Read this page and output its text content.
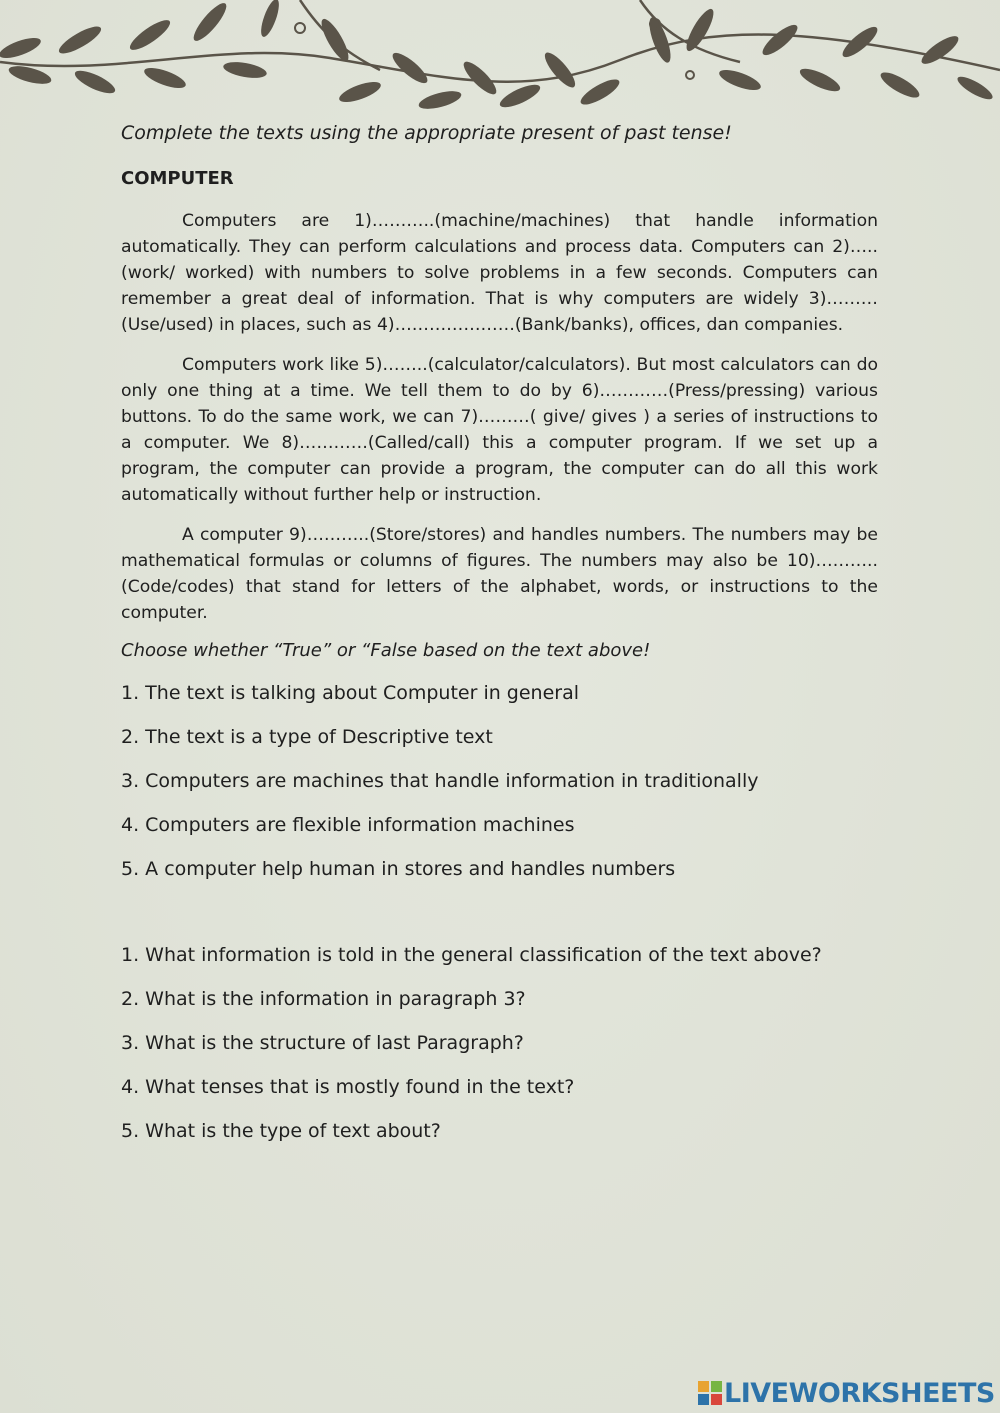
Complete the texts using the appropriate present of past tense!

COMPUTER

Computers are 1)………..(machine/machines) that handle information automatically. They can perform calculations and process data. Computers can 2)….. (work/ worked) with numbers to solve problems in a few seconds. Computers can remember a great deal of information. That is why computers are widely 3)………(Use/used) in places, such as 4)…………………(Bank/banks), offices, dan companies.

Computers work like 5)……..(calculator/calculators). But most calculators can do only one thing at a time. We tell them to do by 6)…………(Press/pressing) various buttons. To do the same work, we can 7)………( give/ gives ) a series of instructions to a computer. We 8)…………(Called/call) this a computer program. If we set up a program, the computer can provide a program, the computer can do all this work automatically without further help or instruction.

A computer 9)………..(Store/stores) and handles numbers. The numbers may be mathematical formulas or columns of figures. The numbers may also be 10)………..(Code/codes) that stand for letters of the alphabet, words, or instructions to the computer.

Choose whether “True” or “False based on the text above!

1. The text is talking about Computer in general
2. The text is a type of Descriptive text
3. Computers are machines that handle information in traditionally
4. Computers are flexible information machines
5. A computer help human in stores and handles numbers
1. What information is told in the general classification of the text above?
2. What is the information in paragraph 3?
3. What is the structure of last Paragraph?
4. What tenses that is mostly found in the text?
5. What is the type of text about?
LIVEWORKSHEETS
